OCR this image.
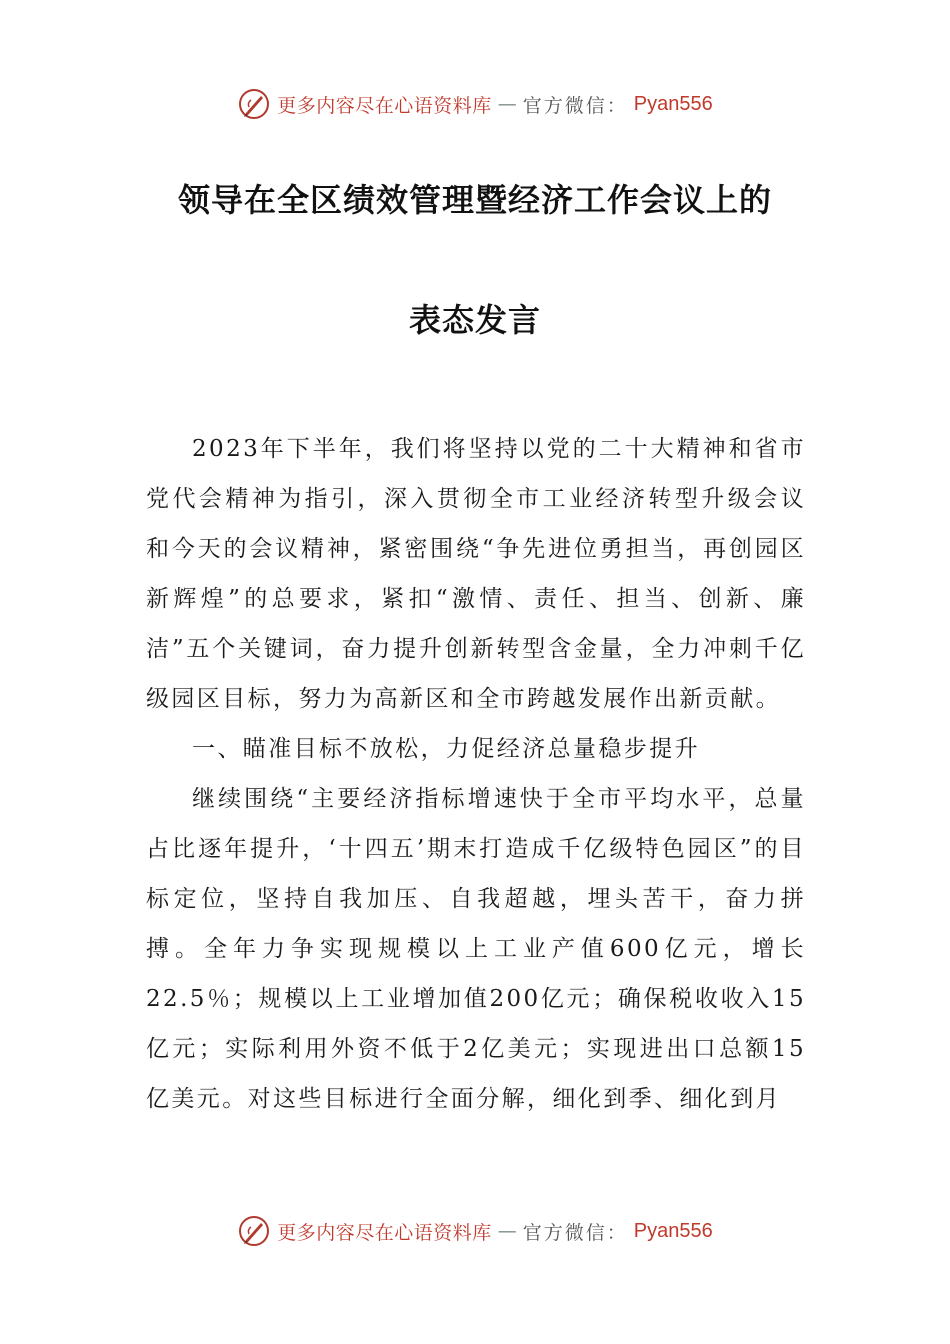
更多内容尽在心语资料库 — 官方微信： Pyan556
领导在全区绩效管理暨经济工作会议上的
表态发言

2023年下半年，我们将坚持以党的二十大精神和省市党代会精神为指引，深入贯彻全市工业经济转型升级会议和今天的会议精神，紧密围绕“争先进位勇担当，再创园区新辉煌”的总要求，紧扣“激情、责任、担当、创新、廉洁”五个关键词，奋力提升创新转型含金量，全力冲刺千亿级园区目标，努力为高新区和全市跨越发展作出新贡献。

一、瞄准目标不放松，力促经济总量稳步提升

继续围绕“主要经济指标增速快于全市平均水平，总量占比逐年提升，‘十四五’期末打造成千亿级特色园区”的目标定位，坚持自我加压、自我超越，埋头苦干，奋力拼搏。全年力争实现规模以上工业产值600亿元，增长22.5％；规模以上工业增加值200亿元；确保税收收入15亿元；实际利用外资不低于2亿美元；实现进出口总额15亿美元。对这些目标进行全面分解，细化到季、细化到月

更多内容尽在心语资料库 — 官方微信： Pyan556
